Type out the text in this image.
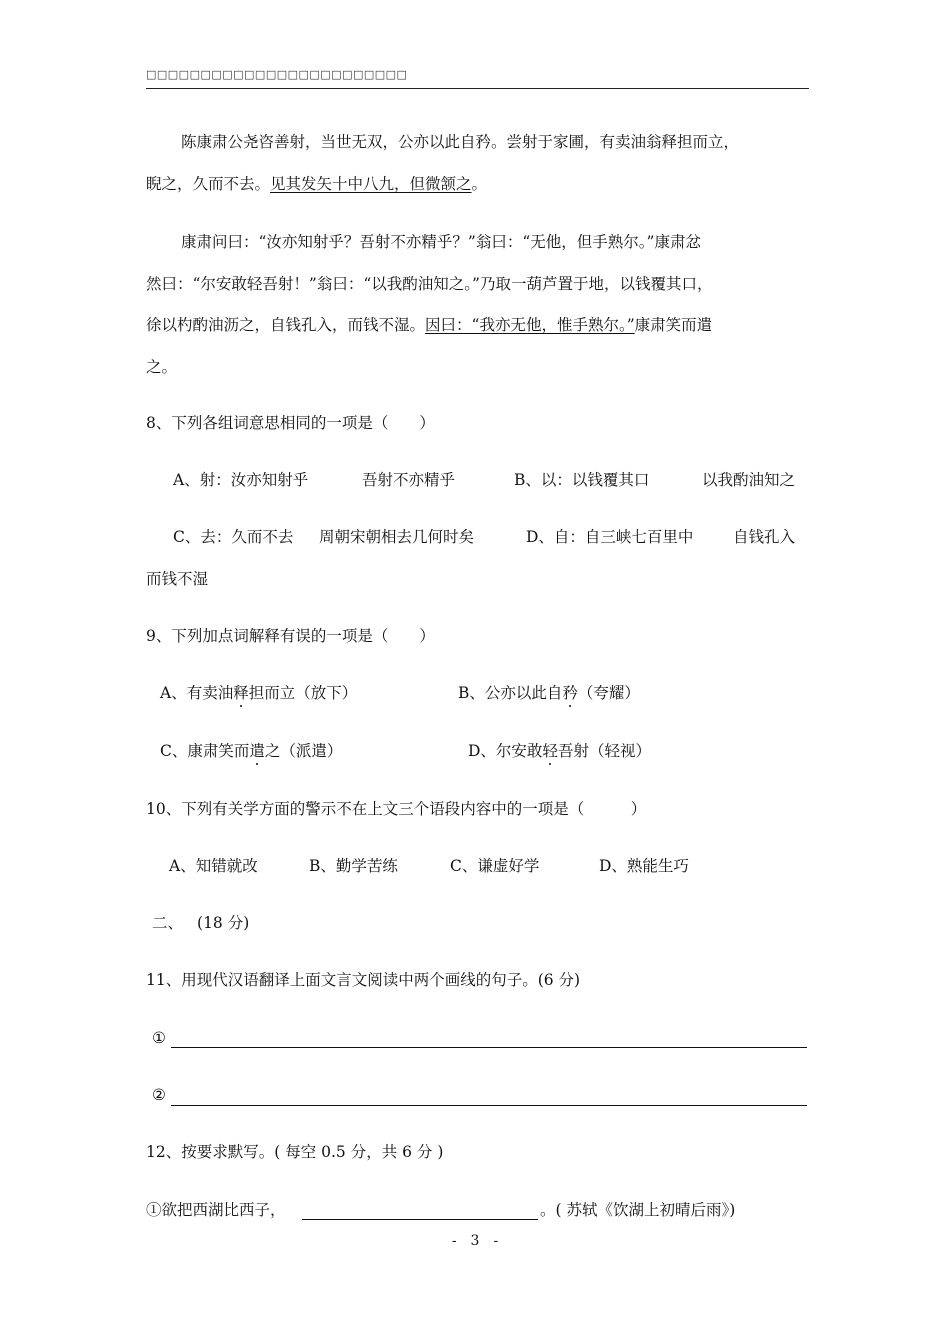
□□□□□□□□□□□□□□□□□□□□□□□□
陈康肃公尧咨善射，当世无双，公亦以此自矜。尝射于家圃，有卖油翁释担而立，
睨之，久而不去。见其发矢十中八九，但微颔之。
康肃问曰：“汝亦知射乎？吾射不亦精乎？”翁曰：“无他，但手熟尔。”康肃忿
然曰：“尔安敢轻吾射！”翁曰：“以我酌油知之。”乃取一葫芦置于地，以钱覆其口，
徐以杓酌油沥之，自钱孔入，而钱不湿。因曰：“我亦无他，惟手熟尔。”康肃笑而遣
之。
8、下列各组词意思相同的一项是（　　）
A、射：汝亦知射乎	吾射不亦精乎	B、以：以钱覆其口	以我酌油知之
C、去：久而不去 周朝宋朝相去几何时矣	D、自：自三峡七百里中	自钱孔入
而钱不湿
9、下列加点词解释有误的一项是（　　）
A、有卖油释担而立（放下）	B、公亦以此自矜（夸耀）
C、康肃笑而遣之（派遣）	D、尔安敢轻吾射（轻视）
10、下列有关学方面的警示不在上文三个语段内容中的一项是（　　　）
A、知错就改	B、勤学苦练	C、谦虚好学	D、熟能生巧
二、 (18 分)
11、用现代汉语翻译上面文言文阅读中两个画线的句子。(6 分)
①
②
12、按要求默写。( 每空 0.5 分，共 6 分 )
①欲把西湖比西子，	。( 苏轼《饮湖上初晴后雨》)
-　3　-
